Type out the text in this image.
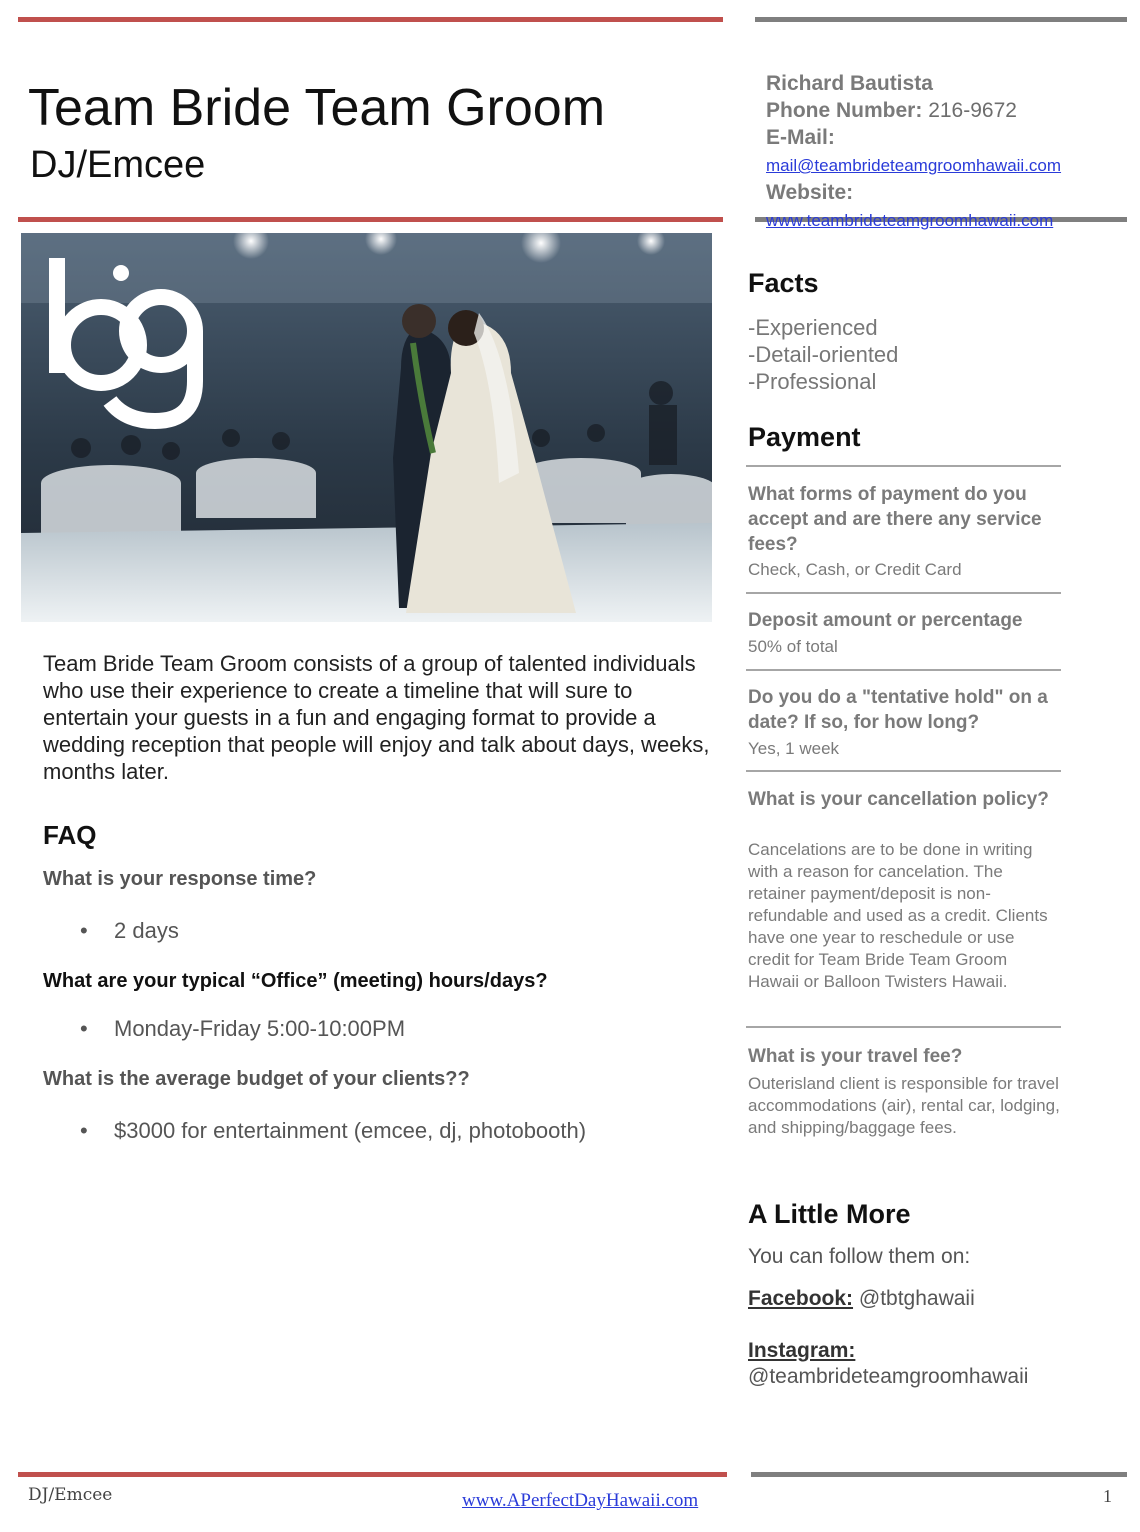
Team Bride Team Groom
DJ/Emcee
Richard Bautista
Phone Number: 216-9672
E-Mail:
mail@teambrideteamgroomhawaii.com
Website:
www.teambrideteamgroomhawaii.com
Team Bride Team Groom consists of a group of talented individuals who use their experience to create a timeline that will sure to entertain your guests in a fun and engaging format to provide a wedding reception that people will enjoy and talk about days, weeks, months later.
FAQ
What is your response time?
• 2 days
What are your typical “Office” (meeting) hours/days?
• Monday-Friday 5:00-10:00PM
What is the average budget of your clients??
• $3000 for entertainment (emcee, dj, photobooth)
Facts
-Experienced
-Detail-oriented
-Professional
Payment
What forms of payment do you accept and are there any service fees?
Check, Cash, or Credit Card
Deposit amount or percentage
50% of total
Do you do a "tentative hold" on a date? If so, for how long?
Yes, 1 week
What is your cancellation policy?
Cancelations are to be done in writing with a reason for cancelation. The retainer payment/deposit is non-refundable and used as a credit. Clients have one year to reschedule or use credit for Team Bride Team Groom Hawaii or Balloon Twisters Hawaii.
What is your travel fee?
Outerisland client is responsible for travel accommodations (air), rental car, lodging, and shipping/baggage fees.
A Little More
You can follow them on:
Facebook: @tbtghawaii
Instagram:
@teambrideteamgroomhawaii
DJ/Emcee	www.APerfectDayHawaii.com	1
